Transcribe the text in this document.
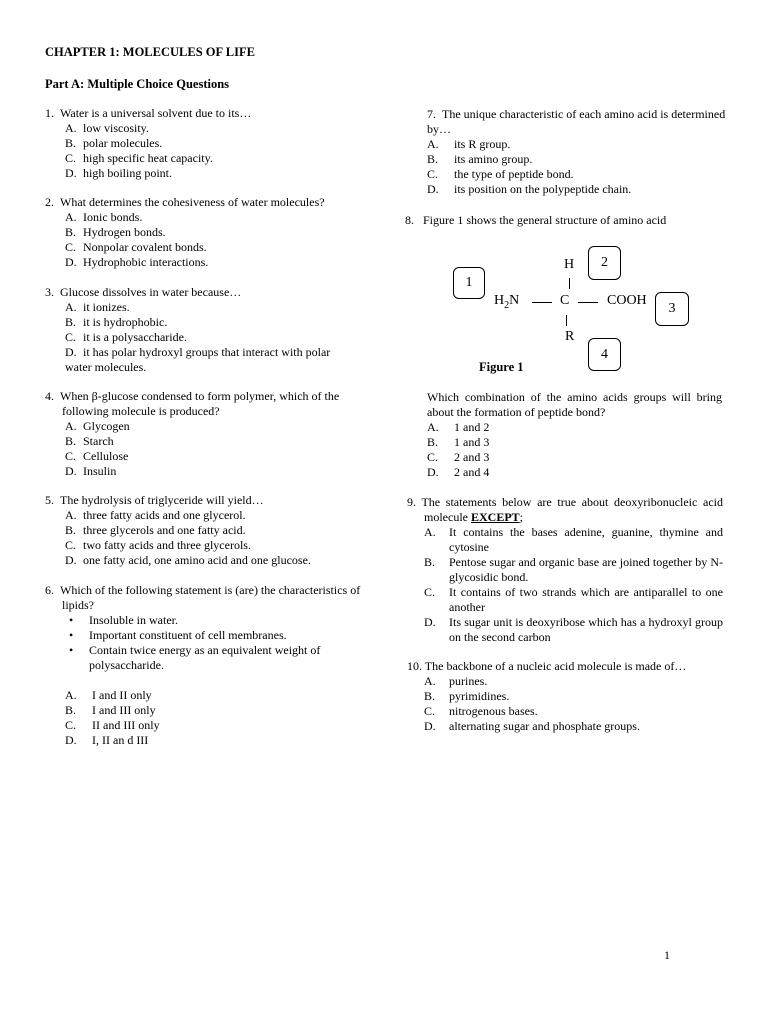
CHAPTER 1: MOLECULES OF LIFE
Part A: Multiple Choice Questions
1. Water is a universal solvent due to its…
A. low viscosity.
B. polar molecules.
C. high specific heat capacity.
D. high boiling point.
2. What determines the cohesiveness of water molecules?
A. Ionic bonds.
B. Hydrogen bonds.
C. Nonpolar covalent bonds.
D. Hydrophobic interactions.
3. Glucose dissolves in water because…
A. it ionizes.
B. it is hydrophobic.
C. it is a polysaccharide.
D. it has polar hydroxyl groups that interact with polar water molecules.
4. When β-glucose condensed to form polymer, which of the following molecule is produced?
A. Glycogen
B. Starch
C. Cellulose
D. Insulin
5. The hydrolysis of triglyceride will yield…
A. three fatty acids and one glycerol.
B. three glycerols and one fatty acid.
C. two fatty acids and three glycerols.
D. one fatty acid, one amino acid and one glucose.
6. Which of the following statement is (are) the characteristics of lipids?
• Insoluble in water.
• Important constituent of cell membranes.
• Contain twice energy as an equivalent weight of polysaccharide.
A. I and II only
B. I and III only
C. II and III only
D. I, II an d III
7. The unique characteristic of each amino acid is determined by…
A. its R group.
B. its amino group.
C. the type of peptide bond.
D. its position on the polypeptide chain.
8. Figure 1 shows the general structure of amino acid
1
2
3
4
H
$H_2N$	C	COOH
R
Figure 1
Which combination of the amino acids groups will bring about the formation of peptide bond?
A. 1 and 2
B. 1 and 3
C. 2 and 3
D. 2 and 4
9. The statements below are true about deoxyribonucleic acid molecule EXCEPT;
A.	It contains the bases adenine, guanine, thymine and cytosine
B.	Pentose sugar and organic base are joined together by N-glycosidic bond.
C.	It contains of two strands which are antiparallel to one another
D.	Its sugar unit is deoxyribose which has a hydroxyl group on the second carbon
10. The backbone of a nucleic acid molecule is made of…
A.	purines.
B.	pyrimidines.
C.	nitrogenous bases.
D.	alternating sugar and phosphate groups.
1
